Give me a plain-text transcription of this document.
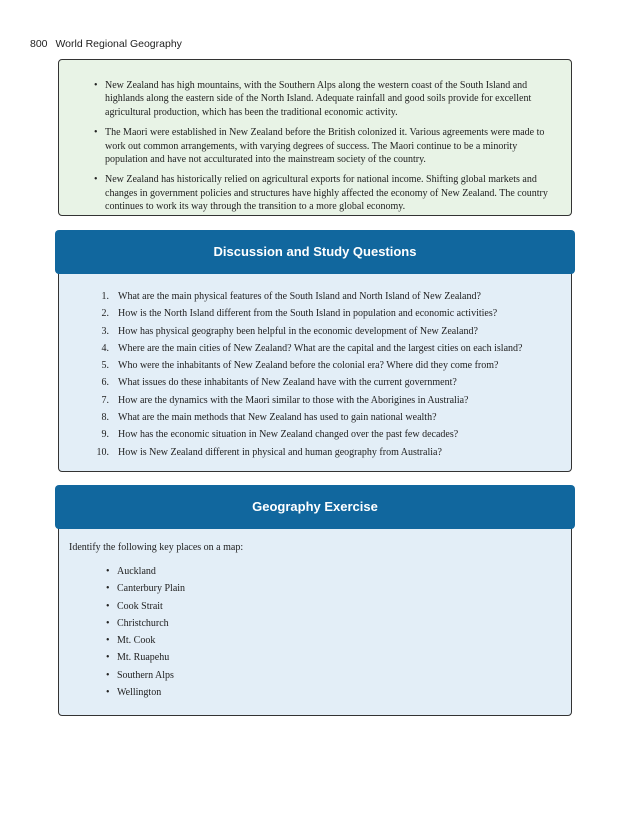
800 World Regional Geography
• New Zealand has high mountains, with the Southern Alps along the western coast of the South Island and highlands along the eastern side of the North Island. Adequate rainfall and good soils provide for excellent agricultural production, which has been the traditional economic activity.
• The Maori were established in New Zealand before the British colonized it. Various agreements were made to work out common arrangements, with varying degrees of success. The Maori continue to be a minority population and have not acculturated into the mainstream society of the country.
• New Zealand has historically relied on agricultural exports for national income. Shifting global markets and changes in government policies and structures have highly affected the economy of New Zealand. The country continues to work its way through the transition to a more global economy.
Discussion and Study Questions
1. What are the main physical features of the South Island and North Island of New Zealand?
2. How is the North Island different from the South Island in population and economic activities?
3. How has physical geography been helpful in the economic development of New Zealand?
4. Where are the main cities of New Zealand? What are the capital and the largest cities on each island?
5. Who were the inhabitants of New Zealand before the colonial era? Where did they come from?
6. What issues do these inhabitants of New Zealand have with the current government?
7. How are the dynamics with the Maori similar to those with the Aborigines in Australia?
8. What are the main methods that New Zealand has used to gain national wealth?
9. How has the economic situation in New Zealand changed over the past few decades?
10. How is New Zealand different in physical and human geography from Australia?
Geography Exercise
Identify the following key places on a map:
• Auckland
• Canterbury Plain
• Cook Strait
• Christchurch
• Mt. Cook
• Mt. Ruapehu
• Southern Alps
• Wellington
